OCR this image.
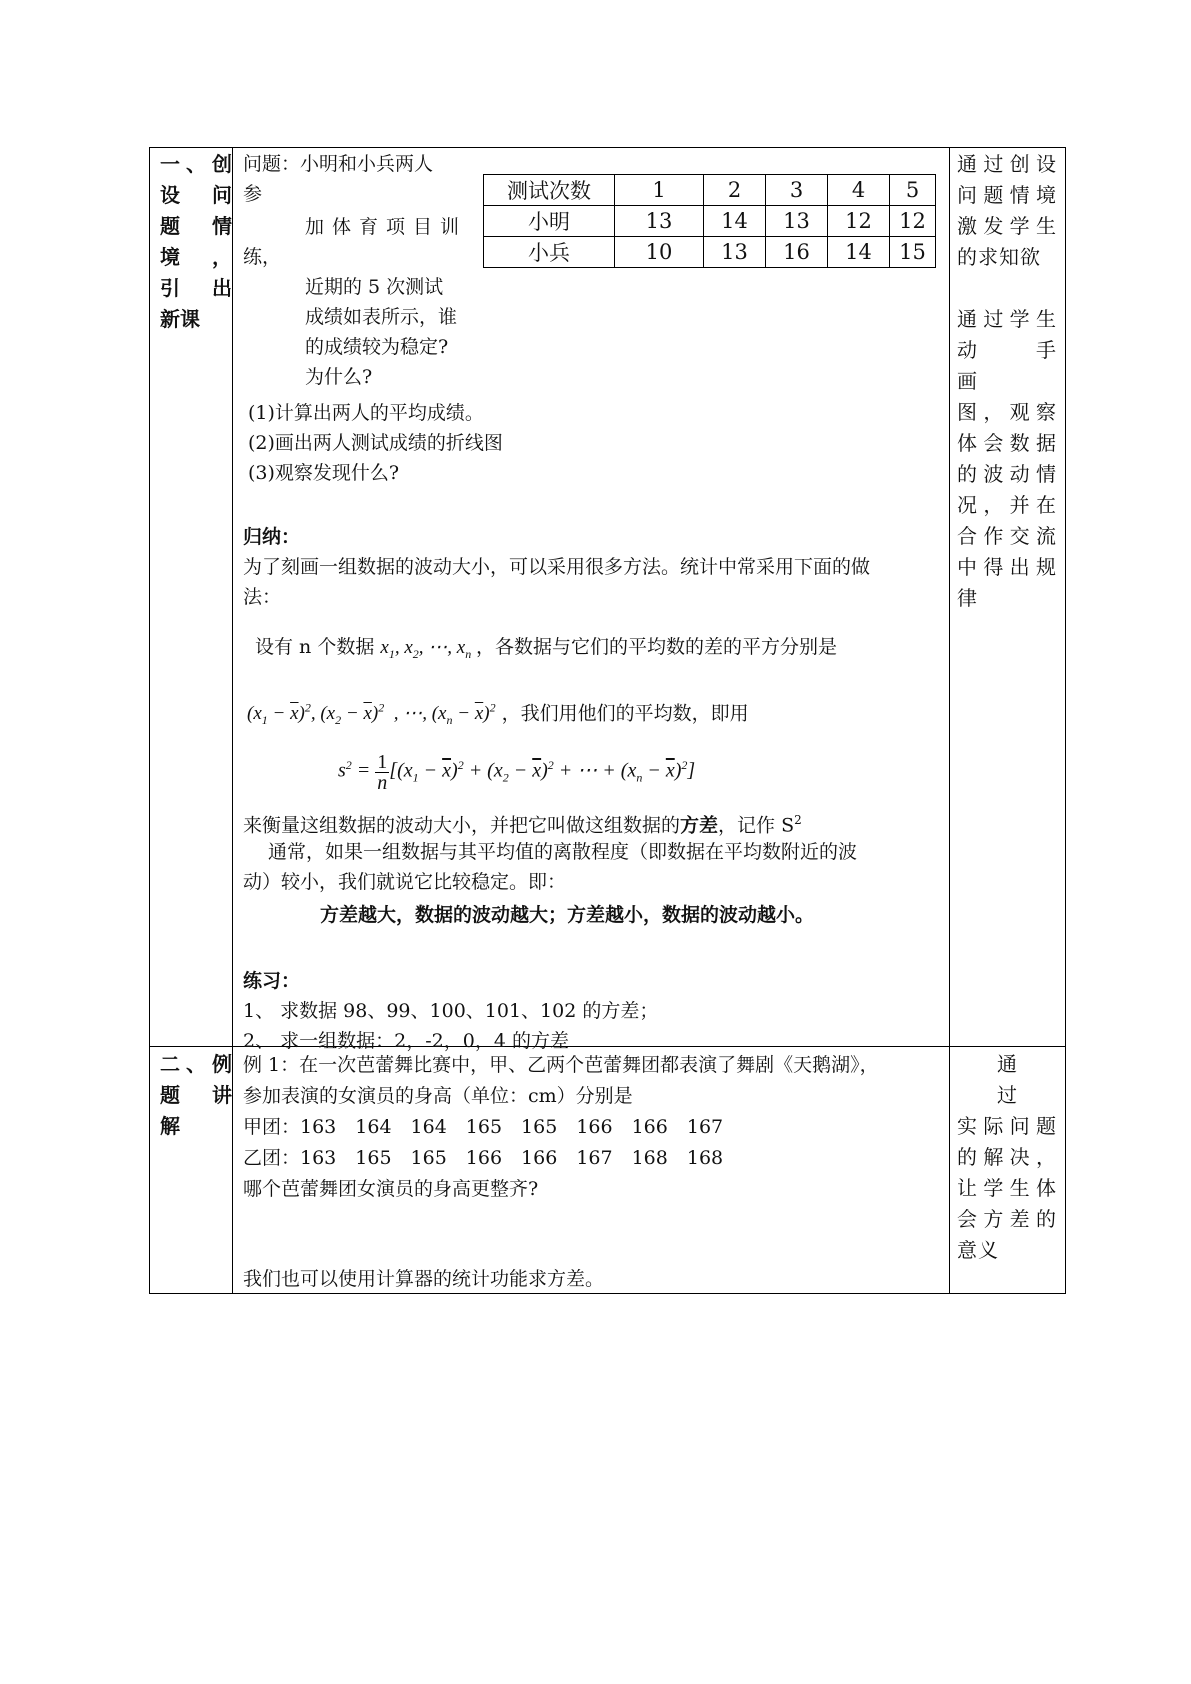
一、创
设　问
题　情
境　，
引　出
新课
问题：小明和小兵两人
参
加体育项目训
练，
近期的 5 次测试
成绩如表所示，谁
的成绩较为稳定?
为什么?
测试次数	1	2	3	4	5
小明	13	14	13	12	12
小兵	10	13	16	14	15
(1)计算出两人的平均成绩。
(2)画出两人测试成绩的折线图
(3)观察发现什么?
归纳：
为了刻画一组数据的波动大小，可以采用很多方法。统计中常采用下面的做
法：
设有 n 个数据 $x_1$, $x_2$, ⋯, $x_n$ ，各数据与它们的平均数的差的平方分别是
$(x_1 - \overline{x})^2$, $(x_2 - \overline{x})^2$  , ⋯, $(x_n - \overline{x})^2$ ，我们用他们的平均数，即用
$s^2 = \frac{1}{n} [(x_1 - \overline{x})^2 + (x_2 - \overline{x})^2$ + ⋯ + $(x_n - \overline{x})^2$]
来衡量这组数据的波动大小，并把它叫做这组数据的方差，记作 $S^2$
通常，如果一组数据与其平均值的离散程度（即数据在平均数附近的波
动）较小，我们就说它比较稳定。即：
方差越大，数据的波动越大；方差越小，数据的波动越小。
练习：
1、 求数据 98、99、100、101、102 的方差；
2、 求一组数据：2，-2，0，4 的方差
通过创设
问题情境
激发学生
的求知欲
通过学生
动　手　画
图，观察
体会数据
的波动情
况，并在
合作交流
中得出规
律
二、例
题　讲
解
例 1：在一次芭蕾舞比赛中，甲、乙两个芭蕾舞团都表演了舞剧《天鹅湖》，
参加表演的女演员的身高（单位：cm）分别是
甲团：163　164　164　165　165　166　166　167
乙团：163　165　165　166　166　167　168　168
哪个芭蕾舞团女演员的身高更整齐?
我们也可以使用计算器的统计功能求方差。
通　过
实际问题
的解决，
让学生体
会方差的
意义
